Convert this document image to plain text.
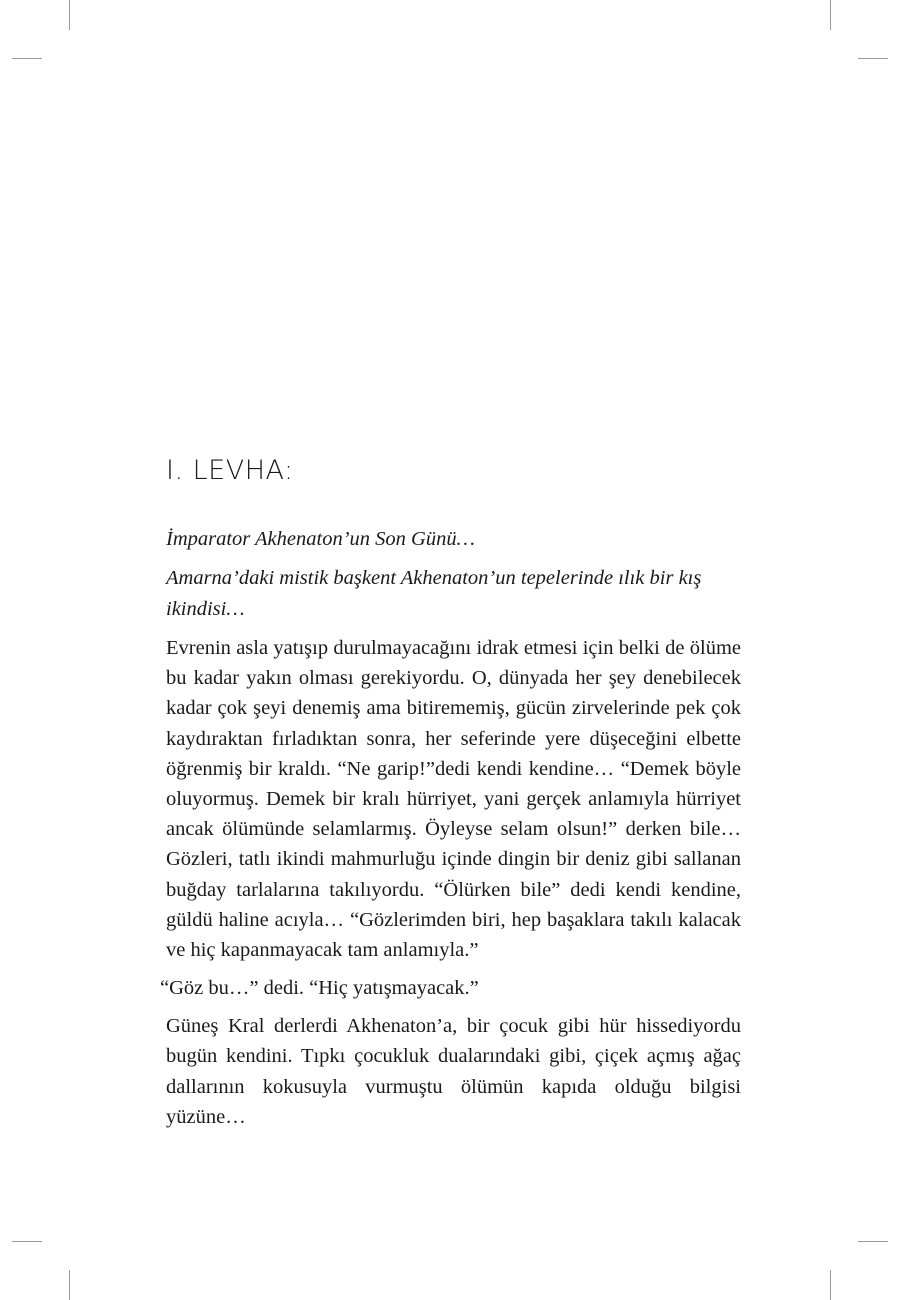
I. LEVHA:

İmparator Akhenaton’un Son Günü…

Amarna’daki mistik başkent Akhenaton’un tepelerinde ılık bir kış ikindisi…

Evrenin asla yatışıp durulmayacağını idrak etmesi için belki de ölüme bu kadar yakın olması gerekiyordu. O, dünyada her şey denebilecek kadar çok şeyi denemiş ama bitirememiş, gücün zirvelerinde pek çok kaydıraktan fırladıktan sonra, her seferinde yere düşeceğini elbette öğrenmiş bir kraldı. “Ne garip!”dedi kendi kendine… “Demek böyle oluyormuş. Demek bir kralı hürriyet, yani gerçek anlamıyla hürriyet ancak ölümünde selamlarmış. Öyleyse selam olsun!” derken bile… Gözleri, tatlı ikindi mahmurluğu içinde dingin bir deniz gibi sallanan buğday tarlalarına takılıyordu. “Ölürken bile” dedi kendi kendine, güldü haline acıyla… “Gözlerimden biri, hep başaklara takılı kalacak ve hiç kapanmayacak tam anlamıyla.”

“Göz bu…” dedi. “Hiç yatışmayacak.”

Güneş Kral derlerdi Akhenaton’a, bir çocuk gibi hür hissediyordu bugün kendini. Tıpkı çocukluk dualarındaki gibi, çiçek açmış ağaç dallarının kokusuyla vurmuştu ölümün kapıda olduğu bilgisi yüzüne…
